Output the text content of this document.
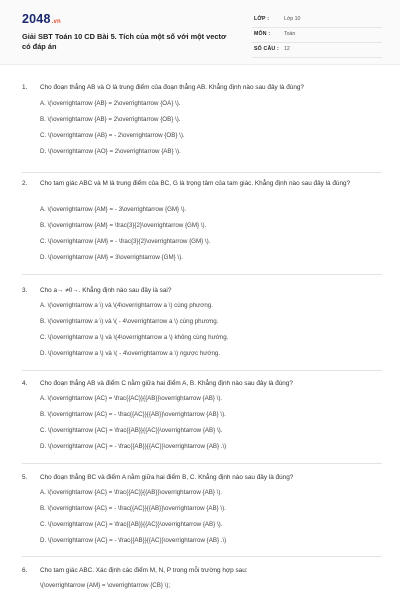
2048.vn
Giải SBT Toán 10 CD Bài 5. Tích của một số với một vectơ có đáp án
LỚP :	Lớp 10
MÔN :	Toán
SỐ CÂU : 12
1. Cho đoạn thẳng AB và O là trung điểm của đoạn thẳng AB. Khẳng định nào sau đây là đúng?
A. \(\overrightarrow {AB} = 2\overrightarrow {OA} \).
B. \(\overrightarrow {AB} = 2\overrightarrow {OB} \).
C. \(\overrightarrow {AB} = - 2\overrightarrow {OB} \).
D. \(\overrightarrow {AO} = 2\overrightarrow {AB} \).
2. Cho tam giác ABC và M là trung điểm của BC, G là trọng tâm của tam giác. Khẳng định nào sau đây là đúng?
A. \(\overrightarrow {AM} = - 3\overrightarrow {GM} \).
B. \(\overrightarrow {AM} = \frac{3}{2}\overrightarrow {GM} \).
C. \(\overrightarrow {AM} = - \frac{3}{2}\overrightarrow {GM} \).
D. \(\overrightarrow {AM} = 3\overrightarrow {GM} \).
3. Cho a→ ≠0→. Khẳng định nào sau đây là sai?
A. \(\overrightarrow a \) và \(4\overrightarrow a \) cùng phương.
B. \(\overrightarrow a \) và \( - 4\overrightarrow a \) cùng phương.
C. \(\overrightarrow a \) và \(4\overrightarrow a \) không cùng hướng.
D. \(\overrightarrow a \) và \( - 4\overrightarrow a \) ngược hướng.
4. Cho đoạn thẳng AB và điểm C nằm giữa hai điểm A, B. Khẳng định nào sau đây là đúng?
A. \(\overrightarrow {AC} = \frac{{AC}}{{AB}}\overrightarrow {AB} \).
B. \(\overrightarrow {AC} = - \frac{{AC}}{{AB}}\overrightarrow {AB} \).
C. \(\overrightarrow {AC} = \frac{{AB}}{{AC}}\overrightarrow {AB} \).
D. \(\overrightarrow {AC} = - \frac{{AB}}{{AC}}\overrightarrow {AB} .\)
5. Cho đoạn thẳng BC và điểm A nằm giữa hai điểm B, C. Khẳng định nào sau đây là đúng?
A. \(\overrightarrow {AC} = \frac{{AC}}{{AB}}\overrightarrow {AB} \).
B. \(\overrightarrow {AC} = - \frac{{AC}}{{AB}}\overrightarrow {AB} \).
C. \(\overrightarrow {AC} = \frac{{AB}}{{AC}}\overrightarrow {AB} \).
D. \(\overrightarrow {AC} = - \frac{{AB}}{{AC}}\overrightarrow {AB} .\)
6. Cho tam giác ABC. Xác định các điểm M, N, P trong mỗi trường hợp sau:
\(\overrightarrow {AM} = \overrightarrow {CB} \);
